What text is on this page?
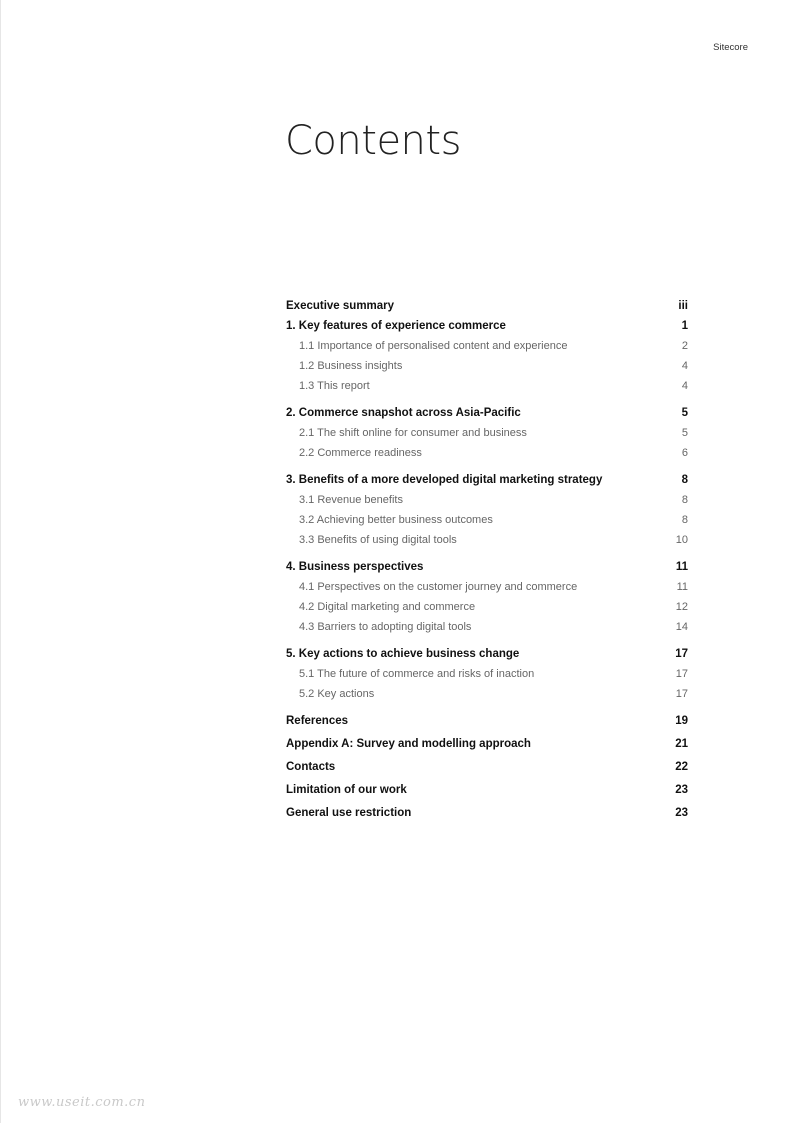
Sitecore
Contents
Executive summary	iii
1. Key features of experience commerce	1
1.1 Importance of personalised content and experience	2
1.2 Business insights	4
1.3 This report	4
2. Commerce snapshot across Asia-Pacific	5
2.1 The shift online for consumer and business	5
2.2 Commerce readiness	6
3. Benefits of a more developed digital marketing strategy	8
3.1 Revenue benefits	8
3.2 Achieving better business outcomes	8
3.3 Benefits of using digital tools	10
4. Business perspectives	11
4.1 Perspectives on the customer journey and commerce	11
4.2 Digital marketing and commerce	12
4.3 Barriers to adopting digital tools	14
5. Key actions to achieve business change	17
5.1 The future of commerce and risks of inaction	17
5.2 Key actions	17
References	19
Appendix A: Survey and modelling approach	21
Contacts	22
Limitation of our work	23
General use restriction	23
www.useit.com.cn
